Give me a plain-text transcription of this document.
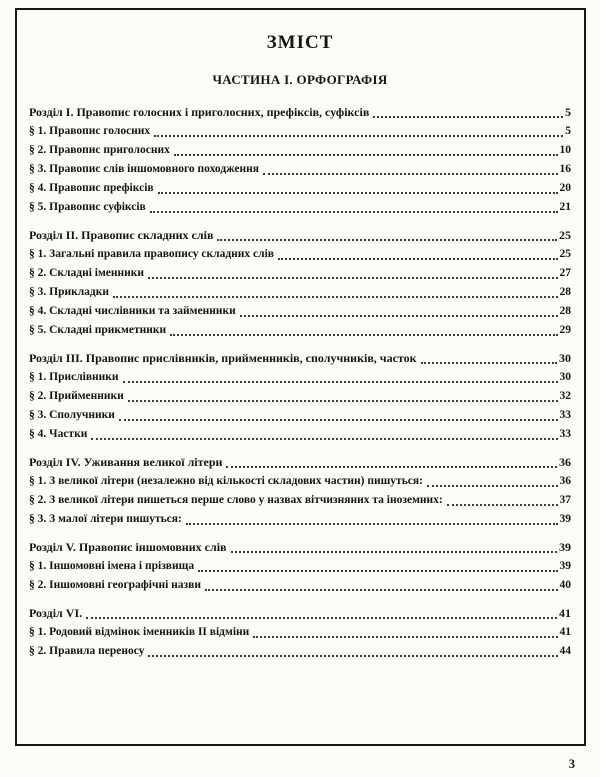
ЗМІСТ
ЧАСТИНА І. ОРФОГРАФІЯ
Розділ І. Правопис голосних і приголосних, префіксів, суфіксів	5
§ 1. Правопис голосних	5
§ 2. Правопис приголосних	10
§ 3. Правопис слів іншомовного походження	16
§ 4. Правопис префіксів	20
§ 5. Правопис суфіксів	21
Розділ ІІ. Правопис складних слів	25
§ 1. Загальні правила правопису складних слів	25
§ 2. Складні іменники	27
§ 3. Прикладки	28
§ 4. Складні числівники та займенники	28
§ 5. Складні прикметники	29
Розділ ІІІ. Правопис прислівників, прийменників, сполучників, часток	30
§ 1. Прислівники	30
§ 2. Прийменники	32
§ 3. Сполучники	33
§ 4. Частки	33
Розділ ІV. Уживання великої літери	36
§ 1. З великої літери (незалежно від кількості складових частин) пишуться:	36
§ 2. З великої літери пишеться перше слово у назвах вітчизняних та іноземних:	37
§ 3. З малої літери пишуться:	39
Розділ V. Правопис іншомовних слів	39
§ 1. Іншомовні імена і прізвища	39
§ 2. Іншомовні географічні назви	40
Розділ VІ.	41
§ 1. Родовий відмінок іменників ІІ відміни	41
§ 2. Правила переносу	44
3
